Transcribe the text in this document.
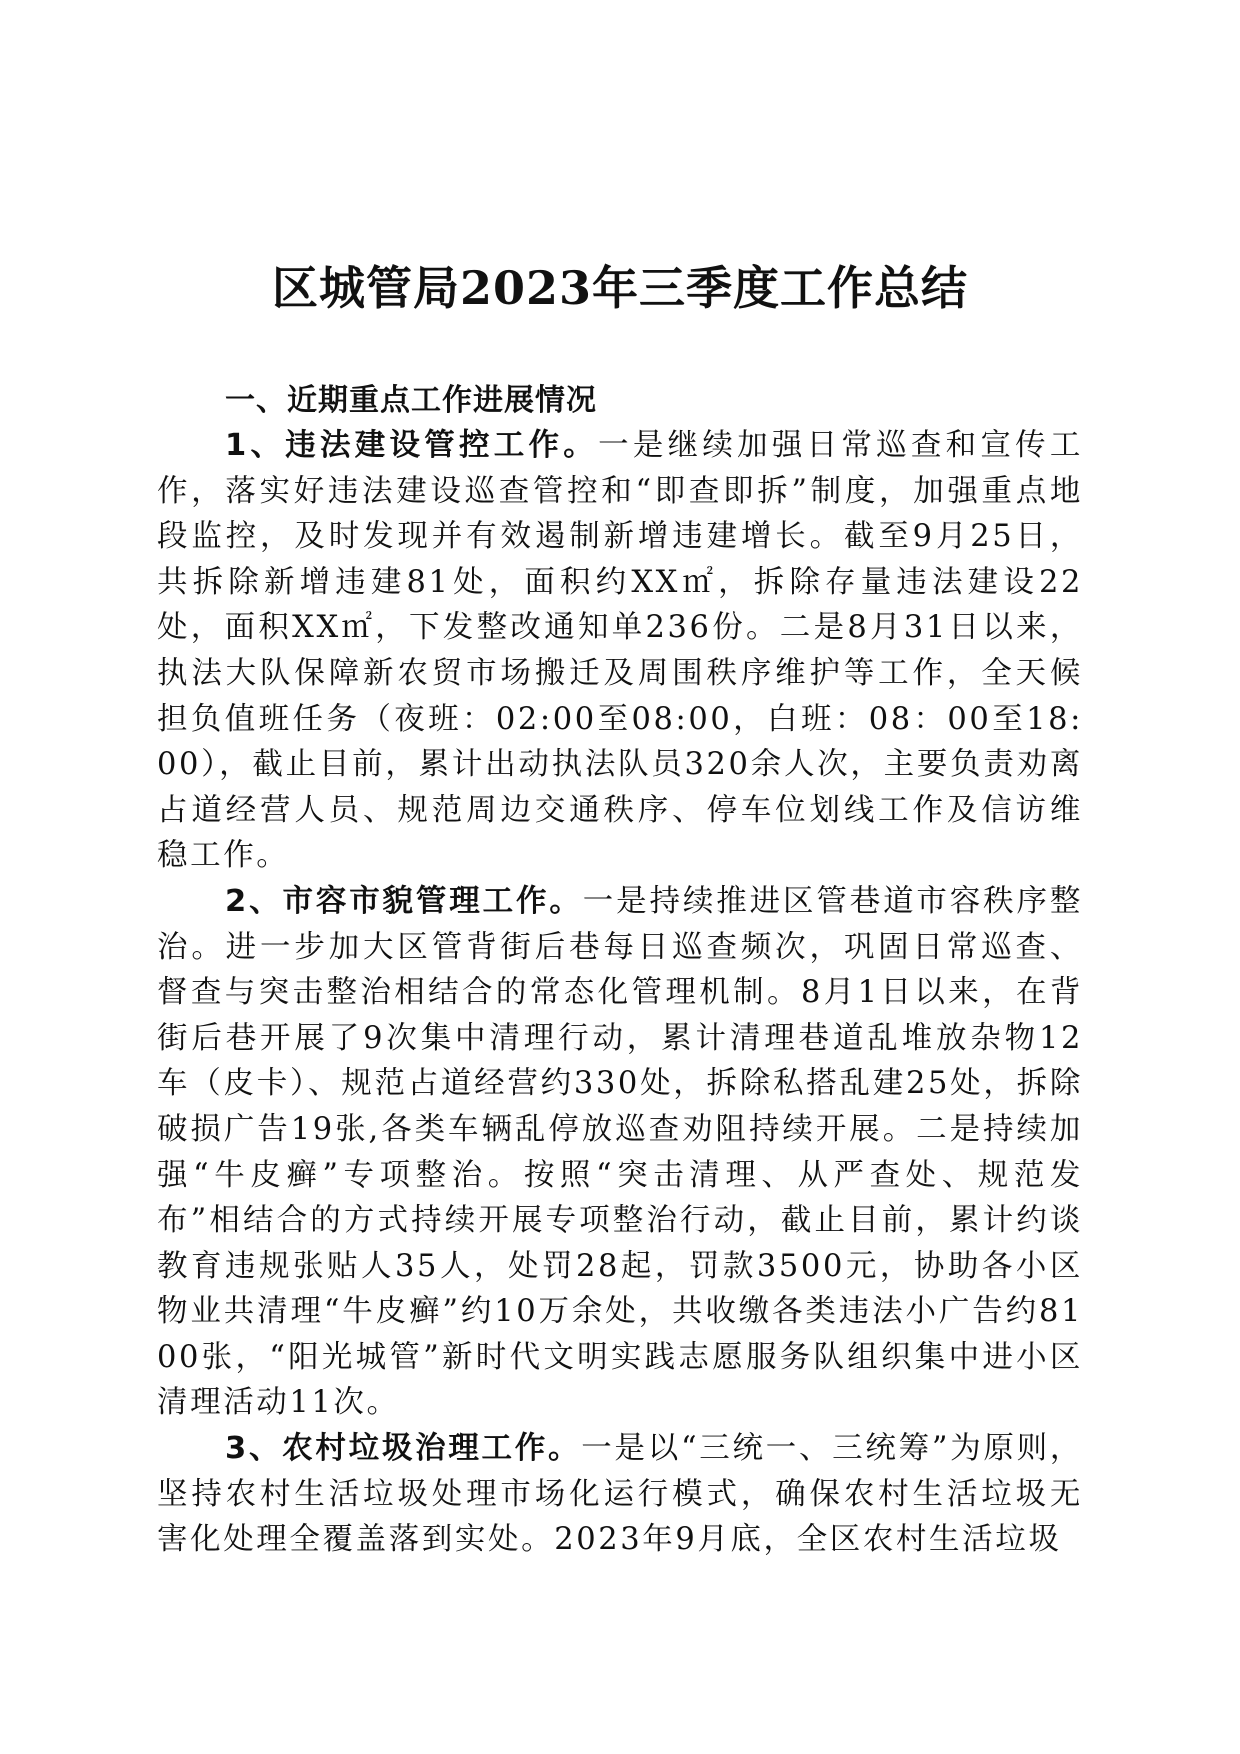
区城管局2023年三季度工作总结

一、近期重点工作进展情况

1、违法建设管控工作。一是继续加强日常巡查和宣传工作，落实好违法建设巡查管控和“即查即拆”制度，加强重点地段监控，及时发现并有效遏制新增违建增长。截至9月25日，共拆除新增违建81处，面积约XX㎡，拆除存量违法建设22处，面积XX㎡，下发整改通知单236份。二是8月31日以来，执法大队保障新农贸市场搬迁及周围秩序维护等工作，全天候担负值班任务（夜班：02:00至08:00，白班：08：00至18:00），截止目前，累计出动执法队员320余人次，主要负责劝离占道经营人员、规范周边交通秩序、停车位划线工作及信访维稳工作。

2、市容市貌管理工作。一是持续推进区管巷道市容秩序整治。进一步加大区管背街后巷每日巡查频次，巩固日常巡查、督查与突击整治相结合的常态化管理机制。8月1日以来，在背街后巷开展了9次集中清理行动，累计清理巷道乱堆放杂物12车（皮卡）、规范占道经营约330处，拆除私搭乱建25处，拆除破损广告19张,各类车辆乱停放巡查劝阻持续开展。二是持续加强“牛皮癣”专项整治。按照“突击清理、从严查处、规范发布”相结合的方式持续开展专项整治行动，截止目前，累计约谈教育违规张贴人35人，处罚28起，罚款3500元，协助各小区物业共清理“牛皮癣”约10万余处，共收缴各类违法小广告约8100张，“阳光城管”新时代文明实践志愿服务队组织集中进小区清理活动11次。

3、农村垃圾治理工作。一是以“三统一、三统筹”为原则，坚持农村生活垃圾处理市场化运行模式，确保农村生活垃圾无害化处理全覆盖落到实处。2023年9月底，全区农村生活垃圾
